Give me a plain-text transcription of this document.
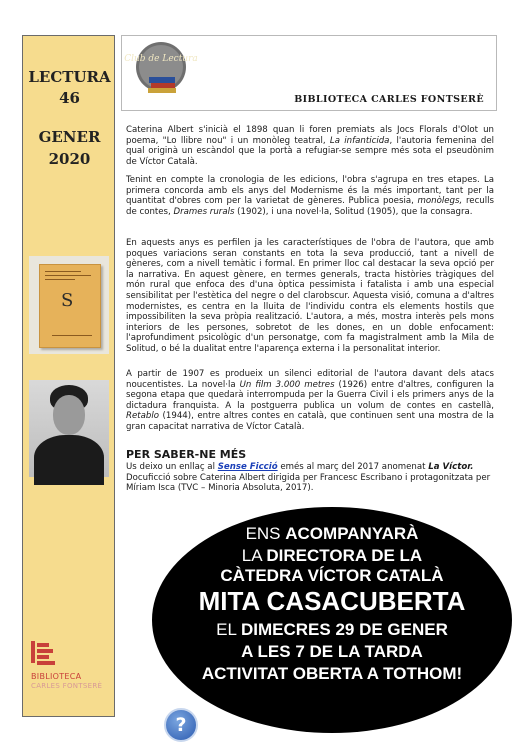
LECTURA
46
GENER
2020
S
BIBLIOTECA
CARLES FONTSERÈ
Club de Lectura
BIBLIOTECA CARLES FONTSERÈ

Caterina Albert s'inicià el 1898 quan li foren premiats als Jocs Florals d'Olot un poema, "Lo llibre nou" i un monòleg teatral, La infanticida, l'autoria femenina del qual originà un escàndol que la portà a refugiar-se sempre més sota el pseudònim de Víctor Català.

Tenint en compte la cronologia de les edicions, l'obra s'agrupa en tres etapes. La primera concorda amb els anys del Modernisme és la més important, tant per la quantitat d'obres com per la varietat de gèneres. Publica poesia, monòlegs, reculls de contes, Drames rurals (1902), i una novel·la, Solitud (1905), que la consagra.

En aquests anys es perfilen ja les característiques de l'obra de l'autora, que amb poques variacions seran constants en tota la seva producció, tant a nivell de gèneres, com a nivell temàtic i formal. En primer lloc cal destacar la seva opció per la narrativa. En aquest gènere, en termes generals, tracta històries tràgiques del món rural que enfoca des d'una òptica pessimista i fatalista i amb una especial sensibilitat per l'estètica del negre o del clarobscur. Aquesta visió, comuna a d'altres modernistes, es centra en la lluita de l'individu contra els elements hostils que impossibiliten la seva pròpia realització. L'autora, a més, mostra interès pels mons interiors de les persones, sobretot de les dones, en un doble enfocament: l'aprofundiment psicològic d'un personatge, com fa magistralment amb la Mila de Solitud, o bé la dualitat entre l'aparença externa i la personalitat interior.

A partir de 1907 es produeix un silenci editorial de l'autora davant dels atacs noucentistes. La novel·la Un film 3.000 metres (1926) entre d'altres, configuren la segona etapa que quedarà interrompuda per la Guerra Civil i els primers anys de la dictadura franquista. A la postguerra publica un volum de contes en castellà, Retablo (1944), entre altres contes en català, que continuen sent una mostra de la gran capacitat narrativa de Víctor Català.

PER SABER-NE MÉS
Us deixo un enllaç al Sense Ficció emés al març del 2017 anomenat La Víctor. Docuficció sobre Caterina Albert dirigida per Francesc Escribano i protagonitzata per Míriam Isca (TVC – Minoria Absoluta, 2017).
ENS ACOMPANYARÀ
LA DIRECTORA DE LA
CÀTEDRA VÍCTOR CATALÀ
MITA CASACUBERTA
EL DIMECRES 29 DE GENER
A LES 7 DE LA TARDA
ACTIVITAT OBERTA A TOTHOM!
?
